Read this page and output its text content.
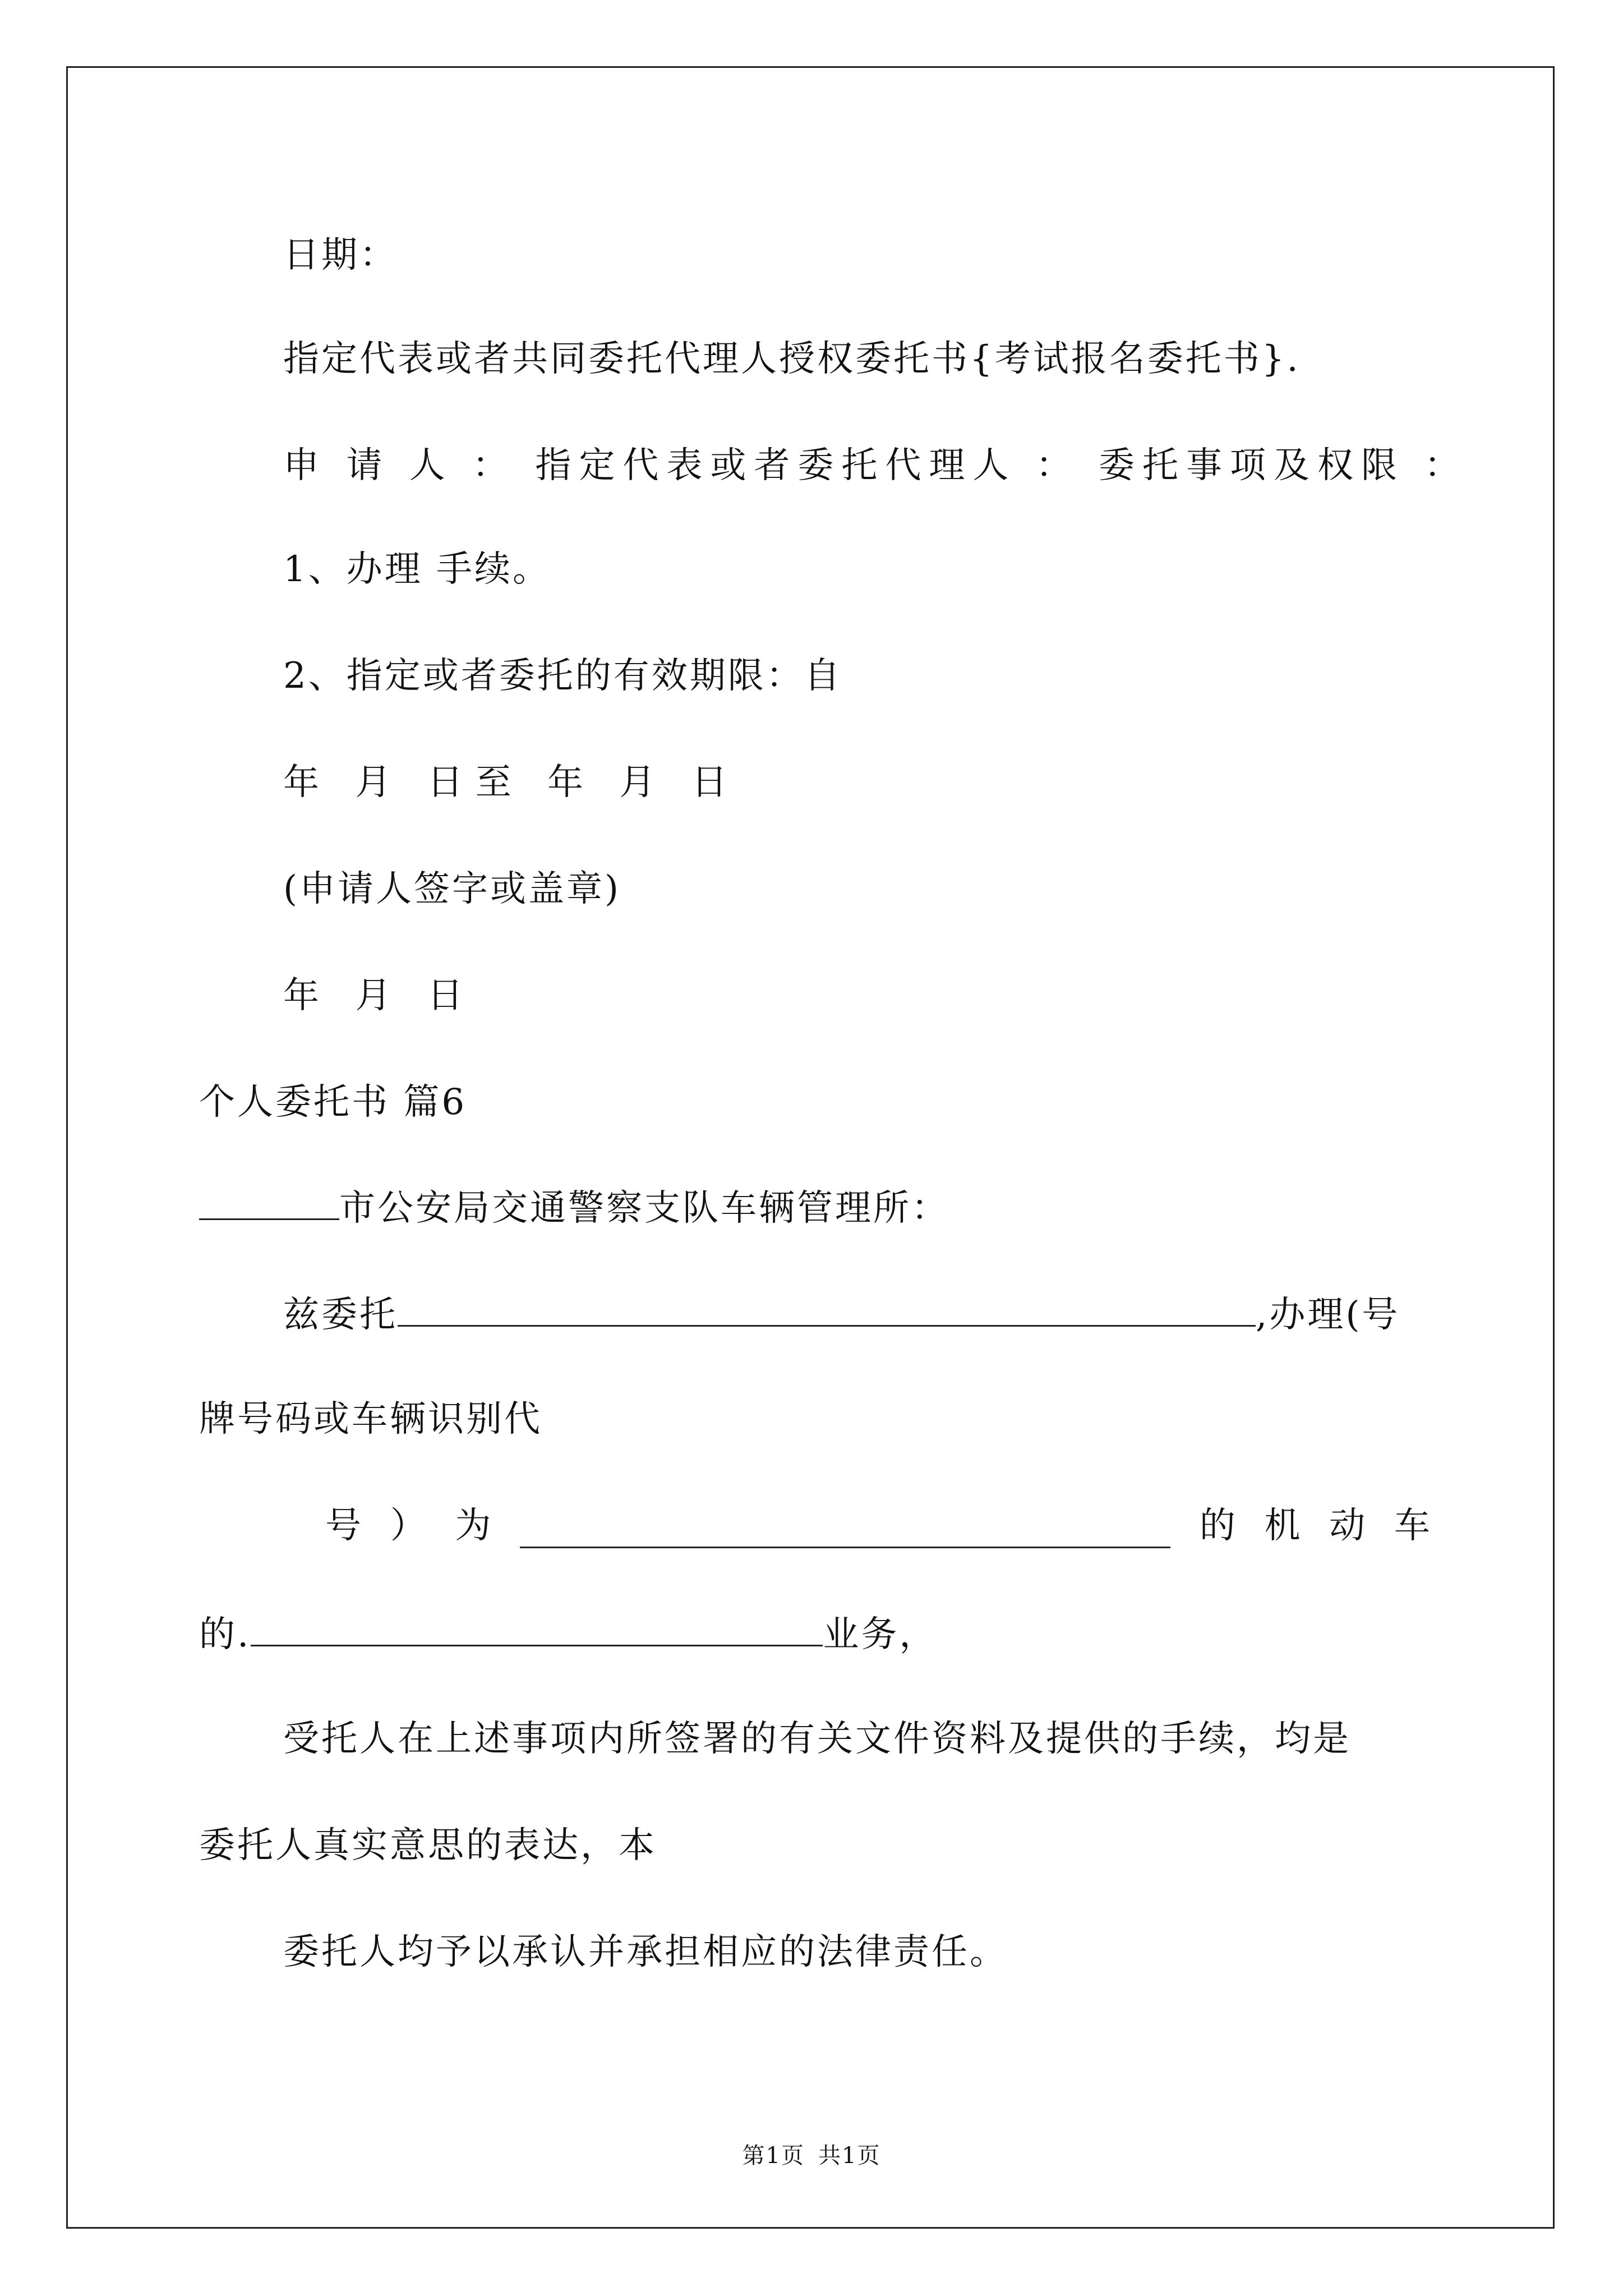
日期：
指定代表或者共同委托代理人授权委托书{考试报名委托书}.
申 请 人 ： 指定代表或者委托代理人 ： 委托事项及权限 ：
1、办理 手续。
2、指定或者委托的有效期限：自
年 月 日至 年 月 日
(申请人签字或盖章)
年 月 日
个人委托书 篇6
市公安局交通警察支队车辆管理所：
兹委托	,办理(号
牌号码或车辆识别代
号 ） 为	的 机 动 车
的.	业务，
受托人在上述事项内所签署的有关文件资料及提供的手续，均是
委托人真实意思的表达，本
委托人均予以承认并承担相应的法律责任。
第1页 共1页
